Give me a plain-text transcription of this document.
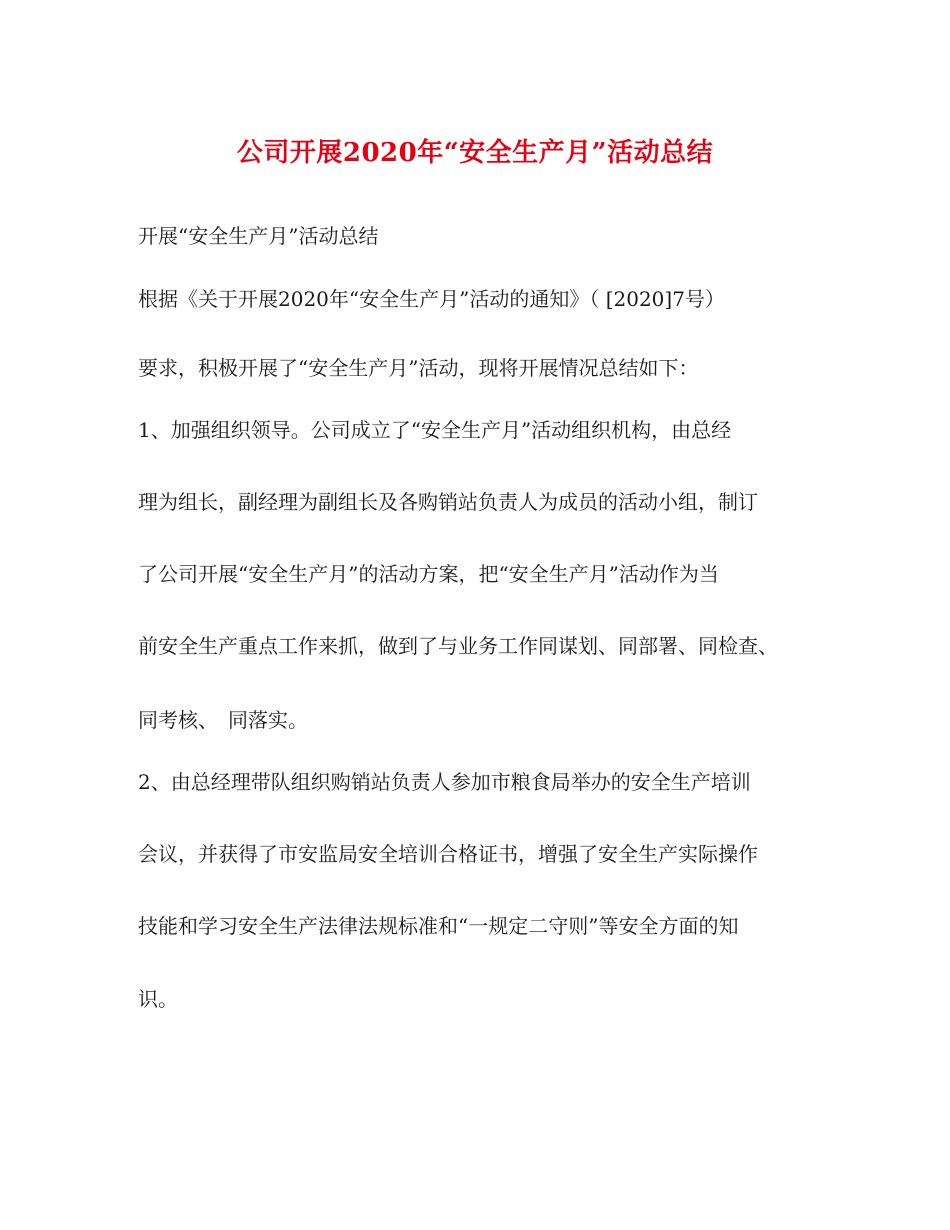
公司开展2020年“安全生产月”活动总结
开展“安全生产月”活动总结
根据《关于开展2020年“安全生产月”活动的通知》（ [2020]7号）
要求，积极开展了“安全生产月”活动，现将开展情况总结如下：
1、加强组织领导。公司成立了“安全生产月”活动组织机构，由总经
理为组长，副经理为副组长及各购销站负责人为成员的活动小组，制订
了公司开展“安全生产月”的活动方案，把“安全生产月”活动作为当
前安全生产重点工作来抓，做到了与业务工作同谋划、同部署、同检查、
同考核、　同落实。
2、由总经理带队组织购销站负责人参加市粮食局举办的安全生产培训
会议，并获得了市安监局安全培训合格证书，增强了安全生产实际操作
技能和学习安全生产法律法规标准和“一规定二守则”等安全方面的知
识。
